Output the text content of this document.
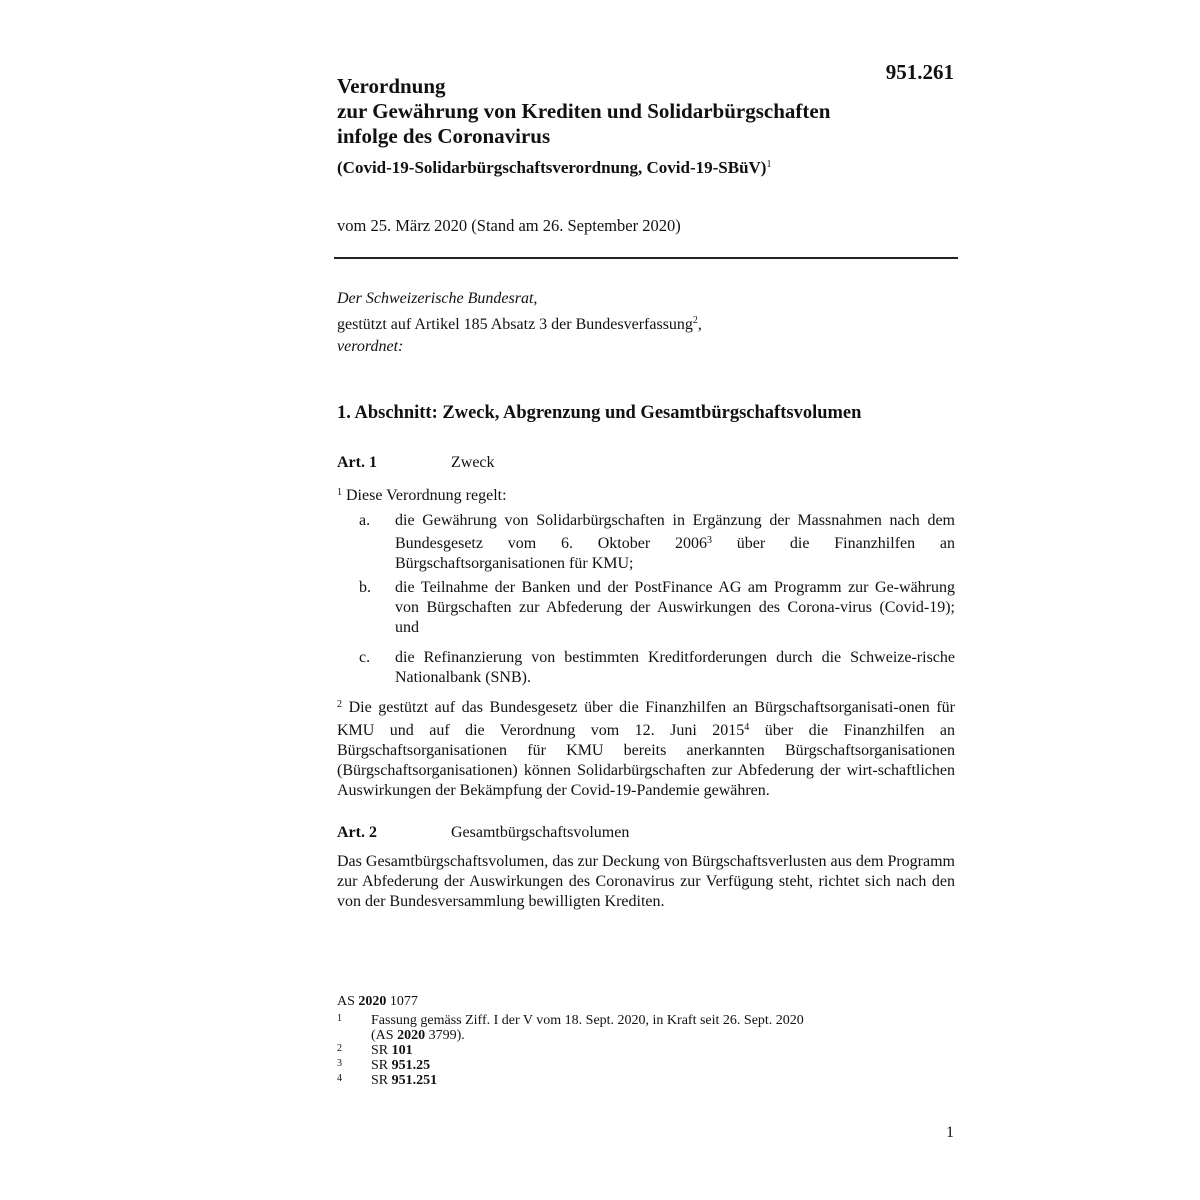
951.261
Verordnung
zur Gewährung von Krediten und Solidarbürgschaften
infolge des Coronavirus
(Covid-19-Solidarbürgschaftsverordnung, Covid-19-SBüV)$^1$
vom 25. März 2020 (Stand am 26. September 2020)
Der Schweizerische Bundesrat,
gestützt auf Artikel 185 Absatz 3 der Bundesverfassung$^2$,
verordnet:
1. Abschnitt: Zweck, Abgrenzung und Gesamtbürgschaftsvolumen
Art. 1	Zweck
$^1$ Diese Verordnung regelt:
a. die Gewährung von Solidarbürgschaften in Ergänzung der Massnahmen nach dem Bundesgesetz vom 6. Oktober 2006$^3$ über die Finanzhilfen an Bürgschaftsorganisationen für KMU;
b. die Teilnahme der Banken und der PostFinance AG am Programm zur Ge-währung von Bürgschaften zur Abfederung der Auswirkungen des Corona-virus (Covid-19); und
c. die Refinanzierung von bestimmten Kreditforderungen durch die Schweize-rische Nationalbank (SNB).
$^2$ Die gestützt auf das Bundesgesetz über die Finanzhilfen an Bürgschaftsorganisati-onen für KMU und auf die Verordnung vom 12. Juni 2015$^4$ über die Finanzhilfen an Bürgschaftsorganisationen für KMU bereits anerkannten Bürgschaftsorganisationen (Bürgschaftsorganisationen) können Solidarbürgschaften zur Abfederung der wirt-schaftlichen Auswirkungen der Bekämpfung der Covid-19-Pandemie gewähren.
Art. 2	Gesamtbürgschaftsvolumen
Das Gesamtbürgschaftsvolumen, das zur Deckung von Bürgschaftsverlusten aus dem Programm zur Abfederung der Auswirkungen des Coronavirus zur Verfügung steht, richtet sich nach den von der Bundesversammlung bewilligten Krediten.
AS 2020 1077
1 Fassung gemäss Ziff. I der V vom 18. Sept. 2020, in Kraft seit 26. Sept. 2020
(AS 2020 3799).
2 SR 101
3 SR 951.25
4 SR 951.251
1
